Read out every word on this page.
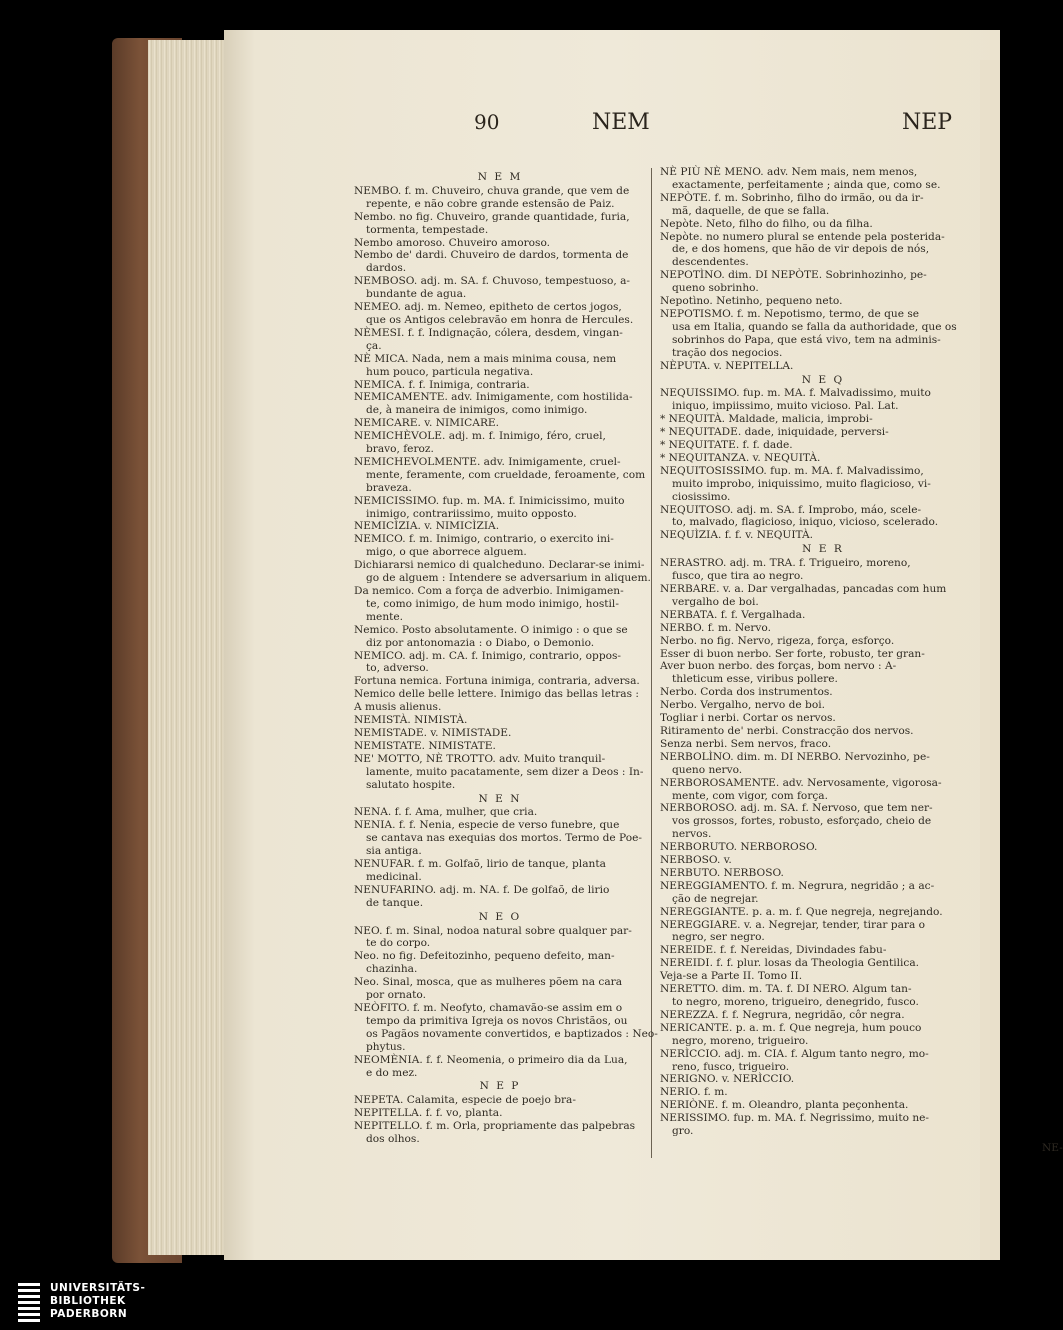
90	NEM	NEP
N E M
NEMBO. f. m. Chuveiro, chuva grande, que vem de
repente, e não cobre grande estensão de Paiz.
Nembo. no fig. Chuveiro, grande quantidade, furia,
tormenta, tempestade.
Nembo amoroso. Chuveiro amoroso.
Nembo de' dardi. Chuveiro de dardos, tormenta de
dardos.
NEMBOSO. adj. m. SA. f. Chuvoso, tempestuoso, a-
bundante de agua.
NEMEO. adj. m. Nemeo, epitheto de certos jogos,
que os Antigos celebravão em honra de Hercules.
NÈMESI. f. f. Indignação, cólera, desdem, vingan-
ça.
NÈ MICA. Nada, nem a mais minima cousa, nem
hum pouco, particula negativa.
NEMICA. f. f. Inimiga, contraria.
NEMICAMENTE. adv. Inimigamente, com hostilida-
de, à maneira de inimigos, como inimigo.
NEMICARE. v. NIMICARE.
NEMICHÈVOLE. adj. m. f. Inimigo, féro, cruel,
bravo, feroz.
NEMICHEVOLMENTE. adv. Inimigamente, cruel-
mente, feramente, com crueldade, feroamente, com
braveza.
NEMICISSIMO. fup. m. MA. f. Inimicissimo, muito
inimigo, contrariissimo, muito opposto.
NEMICÌZIA. v. NIMICÌZIA.
NEMICO. f. m. Inimigo, contrario, o exercito ini-
migo, o que aborrece alguem.
Dichiararsi nemico di qualcheduno. Declarar-se inimi-
go de alguem : Intendere se adversarium in aliquem.
Da nemico. Com a força de adverbio. Inimigamen-
te, como inimigo, de hum modo inimigo, hostil-
mente.
Nemico. Posto absolutamente. O inimigo : o que se
diz por antonomazia : o Diabo, o Demonio.
NEMICO. adj. m. CA. f. Inimigo, contrario, oppos-
to, adverso.
Fortuna nemica. Fortuna inimiga, contraria, adversa.
Nemico delle belle lettere. Inimigo das bellas letras :
A musis alienus.
NEMISTÀ. NIMISTÀ.
NEMISTADE. v. NIMISTADE.
NEMISTATE. NIMISTATE.
NE' MOTTO, NÈ TROTTO. adv. Muito tranquil-
lamente, muito pacatamente, sem dizer a Deos : In-
salutato hospite.
N E N
NENA. f. f. Ama, mulher, que cria.
NENIA. f. f. Nenia, especie de verso funebre, que
se cantava nas exequias dos mortos. Termo de Poe-
sia antiga.
NENUFAR. f. m. Golfaõ, lirio de tanque, planta
medicinal.
NENUFARINO. adj. m. NA. f. De golfaõ, de lirio
de tanque.
N E O
NEO. f. m. Sinal, nodoa natural sobre qualquer par-
te do corpo.
Neo. no fig. Defeitozinho, pequeno defeito, man-
chazinha.
Neo. Sinal, mosca, que as mulheres põem na cara
por ornato.
NEÒFITO. f. m. Neofyto, chamavão-se assim em o
tempo da primitiva Igreja os novos Christãos, ou
os Pagãos novamente convertidos, e baptizados : Neo-
phytus.
NEOMÈNIA. f. f. Neomenia, o primeiro dia da Lua,
e do mez.
N E P
NEPETA. Calamita, especie de poejo bra-
NEPITELLA. f. f. vo, planta.
NEPITELLO. f. m. Orla, propriamente das palpebras
dos olhos.
NÈ PIÙ NÈ MENO. adv. Nem mais, nem menos,
exactamente, perfeitamente ; ainda que, como se.
NEPÒTE. f. m. Sobrinho, filho do irmão, ou da ir-
mã, daquelle, de que se falla.
Nepòte. Neto, filho do filho, ou da filha.
Nepòte. no numero plural se entende pela posterida-
de, e dos homens, que hão de vir depois de nós,
descendentes.
NEPOTÌNO. dim. DI NEPÒTE. Sobrinhozinho, pe-
queno sobrinho.
Nepotìno. Netinho, pequeno neto.
NEPOTISMO. f. m. Nepotismo, termo, de que se
usa em Italia, quando se falla da authoridade, que os
sobrinhos do Papa, que está vivo, tem na adminis-
tração dos negocios.
NÈPUTA. v. NEPITELLA.
N E Q
NEQUISSIMO. fup. m. MA. f. Malvadissimo, muito
iniquo, impiissimo, muito vicioso. Pal. Lat.
* NEQUITÀ. Maldade, malicia, improbi-
* NEQUITADE. dade, iniquidade, perversi-
* NEQUITATE. f. f. dade.
* NEQUITANZA. v. NEQUITÀ.
NEQUITOSISSIMO. fup. m. MA. f. Malvadissimo,
muito improbo, iniquissimo, muito flagicioso, vi-
ciosissimo.
NEQUITOSO. adj. m. SA. f. Improbo, máo, scele-
to, malvado, flagicioso, iniquo, vicioso, scelerado.
NEQUÌZIA. f. f. v. NEQUITÀ.
N E R
NERASTRO. adj. m. TRA. f. Trigueiro, moreno,
fusco, que tira ao negro.
NERBARE. v. a. Dar vergalhadas, pancadas com hum
vergalho de boi.
NERBATA. f. f. Vergalhada.
NERBO. f. m. Nervo.
Nerbo. no fig. Nervo, rigeza, força, esforço.
Esser di buon nerbo. Ser forte, robusto, ter gran-
Aver buon nerbo. des forças, bom nervo : A-
thleticum esse, viribus pollere.
Nerbo. Corda dos instrumentos.
Nerbo. Vergalho, nervo de boi.
Togliar i nerbi. Cortar os nervos.
Ritiramento de' nerbi. Constracção dos nervos.
Senza nerbi. Sem nervos, fraco.
NERBOLÌNO. dim. m. DI NERBO. Nervozinho, pe-
queno nervo.
NERBOROSAMENTE. adv. Nervosamente, vigorosa-
mente, com vigor, com força.
NERBOROSO. adj. m. SA. f. Nervoso, que tem ner-
vos grossos, fortes, robusto, esforçado, cheio de
nervos.
NERBORUTO. NERBOROSO.
NERBOSO. v.
NERBUTO. NERBOSO.
NEREGGIAMENTO. f. m. Negrura, negridão ; a ac-
ção de negrejar.
NEREGGIANTE. p. a. m. f. Que negreja, negrejando.
NEREGGIARE. v. a. Negrejar, tender, tirar para o
negro, ser negro.
NEREIDE. f. f. Nereidas, Divindades fabu-
NEREIDI. f. f. plur. losas da Theologia Gentilica.
Veja-se a Parte II. Tomo II.
NERETTO. dim. m. TA. f. DI NERO. Algum tan-
to negro, moreno, trigueiro, denegrido, fusco.
NEREZZA. f. f. Negrura, negridão, côr negra.
NERICANTE. p. a. m. f. Que negreja, hum pouco
negro, moreno, trigueiro.
NERÌCCIO. adj. m. CIA. f. Algum tanto negro, mo-
reno, fusco, trigueiro.
NERIGNO. v. NERÌCCIO.
NERIO. f. m.
NERIÒNE. f. m. Oleandro, planta peçonhenta.
NERISSIMO. fup. m. MA. f. Negrissimo, muito ne-
gro.
NE-
UNIVERSITÄTS-
BIBLIOTHEK
PADERBORN
